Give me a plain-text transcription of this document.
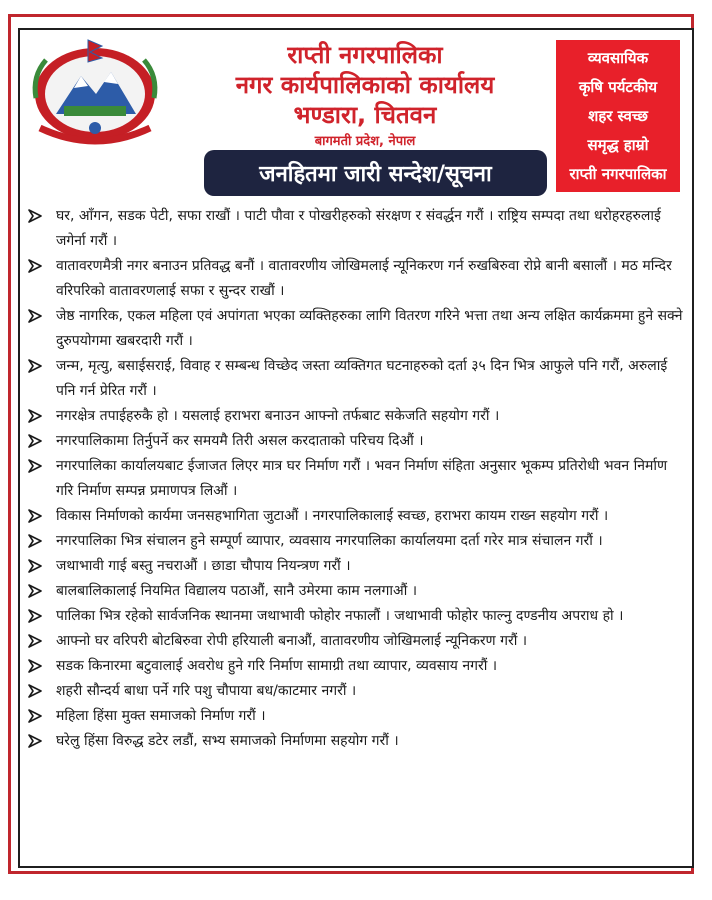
राप्ती नगरपालिका
नगर कार्यपालिकाको कार्यालय
भण्डारा, चितवन
बागमती प्रदेश, नेपाल
व्यवसायिक
कृषि पर्यटकीय
शहर स्वच्छ
समृद्ध हाम्रो
राप्ती नगरपालिका
जनहितमा जारी सन्देश/सूचना
घर, आँगन, सडक पेटी, सफा राखौं । पाटी पौवा र पोखरीहरुको संरक्षण र संवर्द्धन गरौं । राष्ट्रिय सम्पदा तथा धरोहरहरुलाई जगेर्ना गरौं ।
वातावरणमैत्री नगर बनाउन प्रतिवद्ध बनौं । वातावरणीय जोखिमलाई न्यूनिकरण गर्न रुखबिरुवा रोप्ने बानी बसालौं । मठ मन्दिर वरिपरिको वातावरणलाई सफा र सुन्दर राखौं ।
जेष्ठ नागरिक, एकल महिला एवं अपांगता भएका व्यक्तिहरुका लागि वितरण गरिने भत्ता तथा अन्य लक्षित कार्यक्रममा हुने सक्ने दुरुपयोगमा खबरदारी गरौं ।
जन्म, मृत्यु, बसाईसराई, विवाह र सम्बन्ध विच्छेद जस्ता व्यक्तिगत घटनाहरुको दर्ता ३५ दिन भित्र आफुले पनि गरौं, अरुलाई पनि गर्न प्रेरित गरौं ।
नगरक्षेत्र तपाईहरुकै हो । यसलाई हराभरा बनाउन आफ्नो तर्फबाट सकेजति सहयोग गरौं ।
नगरपालिकामा तिर्नुपर्ने कर समयमै तिरी असल करदाताको परिचय दिऔं ।
नगरपालिका कार्यालयबाट ईजाजत लिएर मात्र घर निर्माण गरौं । भवन निर्माण संहिता अनुसार भूकम्प प्रतिरोधी भवन निर्माण गरि निर्माण सम्पन्न प्रमाणपत्र लिऔं ।
विकास निर्माणको कार्यमा जनसहभागिता जुटाऔं । नगरपालिकालाई स्वच्छ, हराभरा कायम राख्न सहयोग गरौं ।
नगरपालिका भित्र संचालन हुने सम्पूर्ण व्यापार, व्यवसाय नगरपालिका कार्यालयमा दर्ता गरेर मात्र संचालन गरौं ।
जथाभावी गाई बस्तु नचराऔं । छाडा चौपाय नियन्त्रण गरौं ।
बालबालिकालाई नियमित विद्यालय पठाऔं, सानै उमेरमा काम नलगाऔं ।
पालिका भित्र रहेको सार्वजनिक स्थानमा जथाभावी फोहोर नफालौं । जथाभावी फोहोर फाल्नु दण्डनीय अपराध हो ।
आफ्नो घर वरिपरी बोटबिरुवा रोपी हरियाली बनाऔं, वातावरणीय जोखिमलाई न्यूनिकरण गरौं ।
सडक किनारमा बटुवालाई अवरोध हुने गरि निर्माण सामाग्री तथा व्यापार, व्यवसाय नगरौं ।
शहरी सौन्दर्य बाधा पर्ने गरि पशु चौपाया बध/काटमार नगरौं ।
महिला हिंसा मुक्त समाजको निर्माण गरौं ।
घरेलु हिंसा विरुद्ध डटेर लडौं, सभ्य समाजको निर्माणमा सहयोग गरौं ।
